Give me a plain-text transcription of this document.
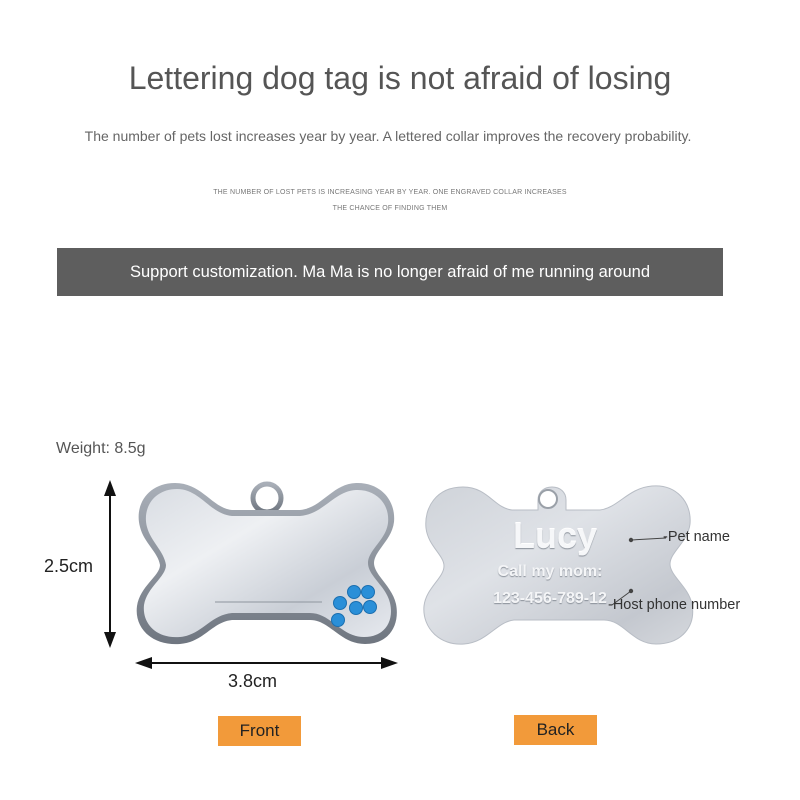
Lettering dog tag is not afraid of losing
The number of pets lost increases year by year. A lettered collar improves the recovery probability.
THE NUMBER OF LOST PETS IS INCREASING YEAR BY YEAR. ONE ENGRAVED COLLAR INCREASES
THE CHANCE OF FINDING THEM
Support customization. Ma Ma is no longer afraid of me running around
Weight: 8.5g
Lucy
Call my mom:
123-456-789-12
-Pet name
-Host phone number
2.5cm
3.8cm
Front	Back
